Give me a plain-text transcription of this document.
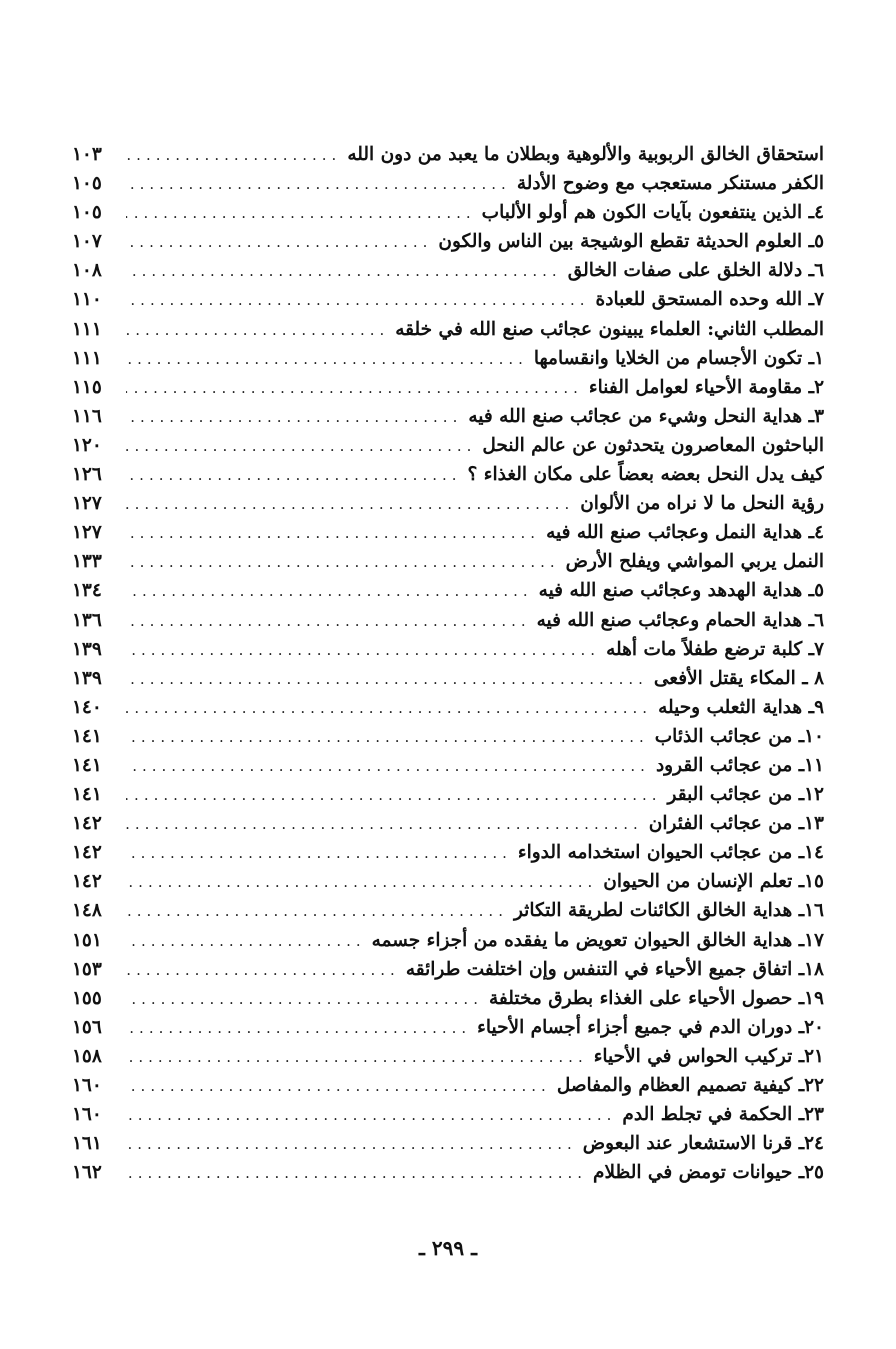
استحقاق الخالق الربوبية والألوهية وبطلان ما يعبد من دون الله
.....
١٠٣
الكفر مستنكر مستعجب مع وضوح الأدلة
.....
١٠٥
٤ـ الذين ينتفعون بآيات الكون هم أولو الألباب
.....
١٠٥
٥ـ العلوم الحديثة تقطع الوشيجة بين الناس والكون
.....
١٠٧
٦ـ دلالة الخلق على صفات الخالق
.....
١٠٨
٧ـ الله وحده المستحق للعبادة
.....
١١٠
المطلب الثاني: العلماء يبينون عجائب صنع الله في خلقه
.....
١١١
١ـ تكون الأجسام من الخلايا وانقسامها
.....
١١١
٢ـ مقاومة الأحياء لعوامل الفناء
.....
١١٥
٣ـ هداية النحل وشيء من عجائب صنع الله فيه
.....
١١٦
الباحثون المعاصرون يتحدثون عن عالم النحل
.....
١٢٠
كيف يدل النحل بعضه بعضاً على مكان الغذاء ؟
.....
١٢٦
رؤية النحل ما لا نراه من الألوان
.....
١٢٧
٤ـ هداية النمل وعجائب صنع الله فيه
.....
١٢٧
النمل يربي المواشي ويفلح الأرض
.....
١٣٣
٥ـ هداية الهدهد وعجائب صنع الله فيه
.....
١٣٤
٦ـ هداية الحمام وعجائب صنع الله فيه
.....
١٣٦
٧ـ كلبة ترضع طفلاً مات أهله
.....
١٣٩
٨ ـ المكاء يقتل الأفعى
.....
١٣٩
٩ـ هداية الثعلب وحيله
.....
١٤٠
١٠ـ من عجائب الذئاب
.....
١٤١
١١ـ من عجائب القرود
.....
١٤١
١٢ـ من عجائب البقر
.....
١٤١
١٣ـ من عجائب الفئران
.....
١٤٢
١٤ـ من عجائب الحيوان استخدامه الدواء
.....
١٤٢
١٥ـ تعلم الإنسان من الحيوان
.....
١٤٢
١٦ـ هداية الخالق الكائنات لطريقة التكاثر
.....
١٤٨
١٧ـ هداية الخالق الحيوان تعويض ما يفقده من أجزاء جسمه
.....
١٥١
١٨ـ اتفاق جميع الأحياء في التنفس وإن اختلفت طرائقه
.....
١٥٣
١٩ـ حصول الأحياء على الغذاء بطرق مختلفة
.....
١٥٥
٢٠ـ دوران الدم في جميع أجزاء أجسام الأحياء
.....
١٥٦
٢١ـ تركيب الحواس في الأحياء
.....
١٥٨
٢٢ـ كيفية تصميم العظام والمفاصل
.....
١٦٠
٢٣ـ الحكمة في تجلط الدم
.....
١٦٠
٢٤ـ قرنا الاستشعار عند البعوض
.....
١٦١
٢٥ـ حيوانات تومض في الظلام
.....
١٦٢
ـ ٢٩٩ ـ
